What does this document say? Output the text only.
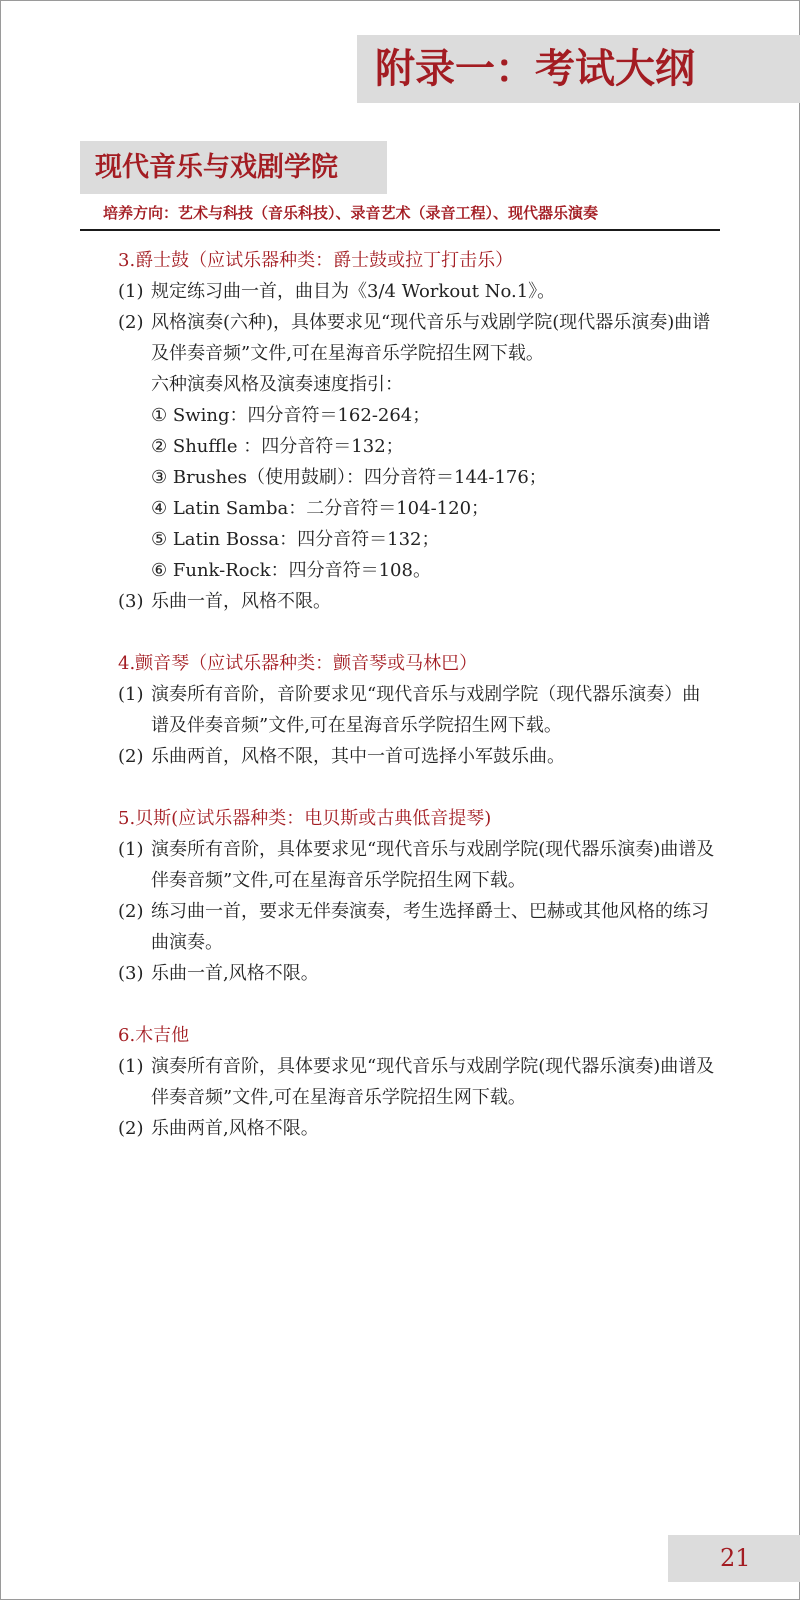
附录一：考试大纲
现代音乐与戏剧学院
培养方向：艺术与科技（音乐科技）、录音艺术（录音工程）、现代器乐演奏
3.爵士鼓（应试乐器种类：爵士鼓或拉丁打击乐）
(1) 规定练习曲一首，曲目为《3/4 Workout No.1》。
(2) 风格演奏(六种)，具体要求见“现代音乐与戏剧学院(现代器乐演奏)曲谱及伴奏音频”文件,可在星海音乐学院招生网下载。
六种演奏风格及演奏速度指引：
① Swing：四分音符＝162-264；
② Shuffle ：四分音符＝132；
③ Brushes（使用鼓刷）：四分音符＝144-176；
④ Latin Samba：二分音符＝104-120；
⑤ Latin Bossa：四分音符＝132；
⑥ Funk-Rock：四分音符＝108。
(3) 乐曲一首，风格不限。
4.颤音琴（应试乐器种类：颤音琴或马林巴）
(1) 演奏所有音阶，音阶要求见“现代音乐与戏剧学院（现代器乐演奏）曲谱及伴奏音频”文件,可在星海音乐学院招生网下载。
(2) 乐曲两首，风格不限，其中一首可选择小军鼓乐曲。
5.贝斯(应试乐器种类：电贝斯或古典低音提琴)
(1) 演奏所有音阶，具体要求见“现代音乐与戏剧学院(现代器乐演奏)曲谱及伴奏音频”文件,可在星海音乐学院招生网下载。
(2) 练习曲一首，要求无伴奏演奏，考生选择爵士、巴赫或其他风格的练习曲演奏。
(3) 乐曲一首,风格不限。
6.木吉他
(1) 演奏所有音阶，具体要求见“现代音乐与戏剧学院(现代器乐演奏)曲谱及伴奏音频”文件,可在星海音乐学院招生网下载。
(2) 乐曲两首,风格不限。
21
